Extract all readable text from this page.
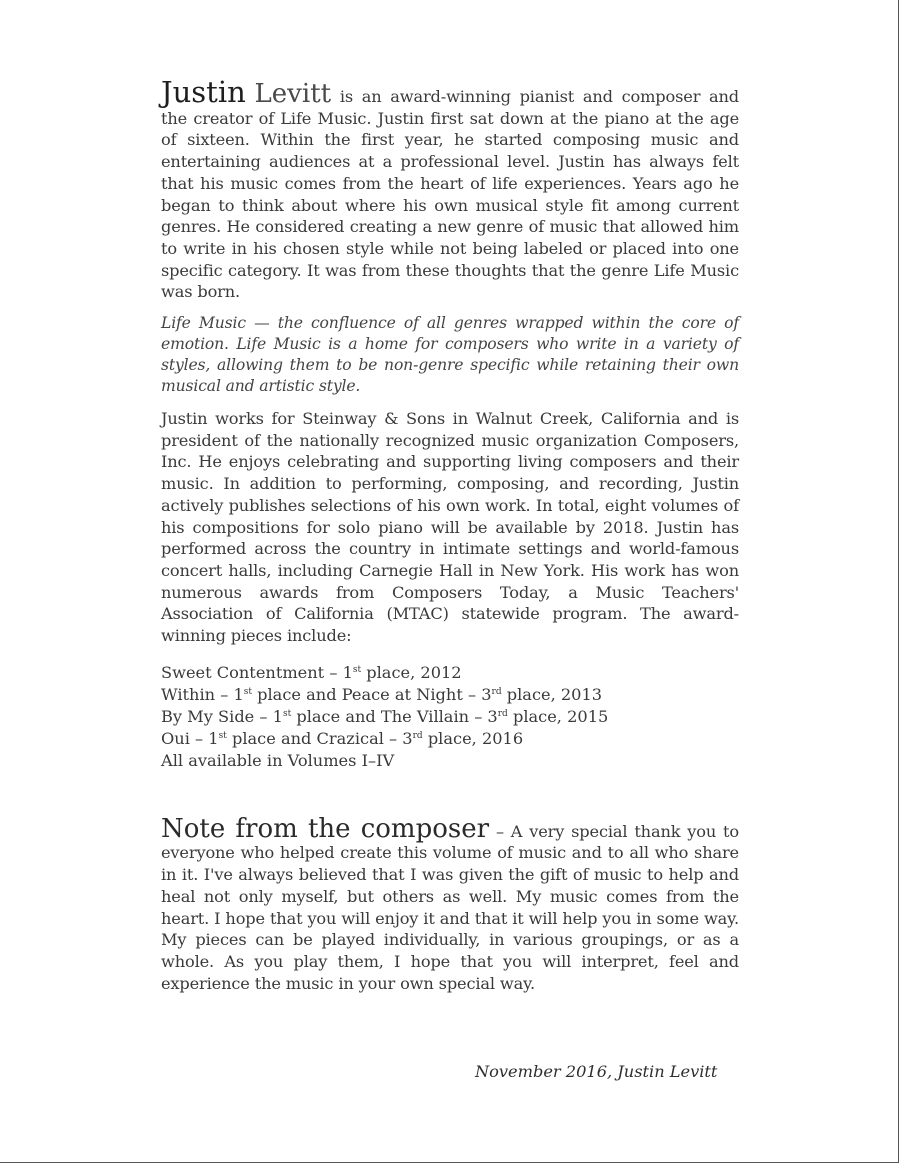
Justin Levitt is an award-winning pianist and composer and the creator of Life Music. Justin first sat down at the piano at the age of sixteen. Within the first year, he started composing music and entertaining audiences at a professional level. Justin has always felt that his music comes from the heart of life experiences. Years ago he began to think about where his own musical style fit among current genres. He considered creating a new genre of music that allowed him to write in his chosen style while not being labeled or placed into one specific category. It was from these thoughts that the genre Life Music was born.

Life Music — the confluence of all genres wrapped within the core of emotion. Life Music is a home for composers who write in a variety of styles, allowing them to be non-genre specific while retaining their own musical and artistic style.

Justin works for Steinway & Sons in Walnut Creek, California and is president of the nationally recognized music organization Composers, Inc. He enjoys celebrating and supporting living composers and their music. In addition to performing, composing, and recording, Justin actively publishes selections of his own work. In total, eight volumes of his compositions for solo piano will be available by 2018. Justin has performed across the country in intimate settings and world-famous concert halls, including Carnegie Hall in New York. His work has won numerous awards from Composers Today, a Music Teachers' Association of California (MTAC) statewide program. The award-winning pieces include:

Sweet Contentment – 1st place, 2012
Within – 1st place and Peace at Night – 3rd place, 2013
By My Side – 1st place and The Villain – 3rd place, 2015
Oui – 1st place and Crazical – 3rd place, 2016
All available in Volumes I–IV

Note from the composer – A very special thank you to everyone who helped create this volume of music and to all who share in it. I've always believed that I was given the gift of music to help and heal not only myself, but others as well. My music comes from the heart. I hope that you will enjoy it and that it will help you in some way. My pieces can be played individually, in various groupings, or as a whole. As you play them, I hope that you will interpret, feel and experience the music in your own special way.

November 2016, Justin Levitt
